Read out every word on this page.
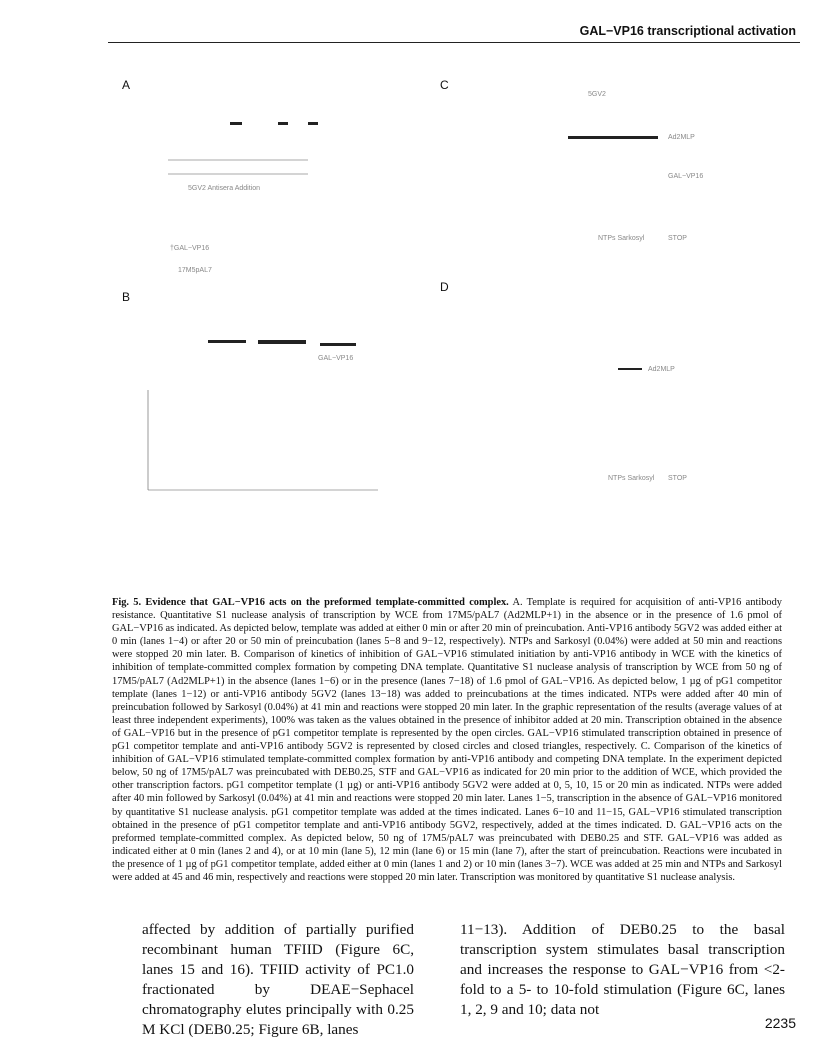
GAL−VP16 transcriptional activation
A	C
B
D
†GAL−VP16
17M5pAL7
5GV2 Antisera Addition
Ad2MLP
5GV2
GAL−VP16
NTPs Sarkosyl	STOP
GAL−VP16
Ad2MLP
NTPs Sarkosyl STOP
Fig. 5. Evidence that GAL−VP16 acts on the preformed template-committed complex. A. Template is required for acquisition of anti-VP16 antibody resistance. Quantitative S1 nuclease analysis of transcription by WCE from 17M5/pAL7 (Ad2MLP+1) in the absence or in the presence of 1.6 pmol of GAL−VP16 as indicated. As depicted below, template was added at either 0 min or after 20 min of preincubation. Anti-VP16 antibody 5GV2 was added either at 0 min (lanes 1−4) or after 20 or 50 min of preincubation (lanes 5−8 and 9−12, respectively). NTPs and Sarkosyl (0.04%) were added at 50 min and reactions were stopped 20 min later. B. Comparison of kinetics of inhibition of GAL−VP16 stimulated initiation by anti-VP16 antibody in WCE with the kinetics of inhibition of template-committed complex formation by competing DNA template. Quantitative S1 nuclease analysis of transcription by WCE from 50 ng of 17M5/pAL7 (Ad2MLP+1) in the absence (lanes 1−6) or in the presence (lanes 7−18) of 1.6 pmol of GAL−VP16. As depicted below, 1 µg of pG1 competitor template (lanes 1−12) or anti-VP16 antibody 5GV2 (lanes 13−18) was added to preincubations at the times indicated. NTPs were added after 40 min of preincubation followed by Sarkosyl (0.04%) at 41 min and reactions were stopped 20 min later. In the graphic representation of the results (average values of at least three independent experiments), 100% was taken as the values obtained in the presence of inhibitor added at 20 min. Transcription obtained in the absence of GAL−VP16 but in the presence of pG1 competitor template is represented by the open circles. GAL−VP16 stimulated transcription obtained in presence of pG1 competitor template and anti-VP16 antibody 5GV2 is represented by closed circles and closed triangles, respectively. C. Comparison of the kinetics of inhibition of GAL−VP16 stimulated template-committed complex formation by anti-VP16 antibody and competing DNA template. In the experiment depicted below, 50 ng of 17M5/pAL7 was preincubated with DEB0.25, STF and GAL−VP16 as indicated for 20 min prior to the addition of WCE, which provided the other transcription factors. pG1 competitor template (1 µg) or anti-VP16 antibody 5GV2 were added at 0, 5, 10, 15 or 20 min as indicated. NTPs were added after 40 min followed by Sarkosyl (0.04%) at 41 min and reactions were stopped 20 min later. Lanes 1−5, transcription in the absence of GAL−VP16 monitored by quantitative S1 nuclease analysis. pG1 competitor template was added at the times indicated. Lanes 6−10 and 11−15, GAL−VP16 stimulated transcription obtained in the presence of pG1 competitor template and anti-VP16 antibody 5GV2, respectively, added at the times indicated. D. GAL−VP16 acts on the preformed template-committed complex. As depicted below, 50 ng of 17M5/pAL7 was preincubated with DEB0.25 and STF. GAL−VP16 was added as indicated either at 0 min (lanes 2 and 4), or at 10 min (lane 5), 12 min (lane 6) or 15 min (lane 7), after the start of preincubation. Reactions were incubated in the presence of 1 µg of pG1 competitor template, added either at 0 min (lanes 1 and 2) or 10 min (lanes 3−7). WCE was added at 25 min and NTPs and Sarkosyl were added at 45 and 46 min, respectively and reactions were stopped 20 min later. Transcription was monitored by quantitative S1 nuclease analysis.
affected by addition of partially purified recombinant human TFIID (Figure 6C, lanes 15 and 16). TFIID activity of PC1.0 fractionated by DEAE−Sephacel chromatography elutes principally with 0.25 M KCl (DEB0.25; Figure 6B, lanes
11−13). Addition of DEB0.25 to the basal transcription system stimulates basal transcription and increases the response to GAL−VP16 from <2-fold to a 5- to 10-fold stimulation (Figure 6C, lanes 1, 2, 9 and 10; data not
2235
